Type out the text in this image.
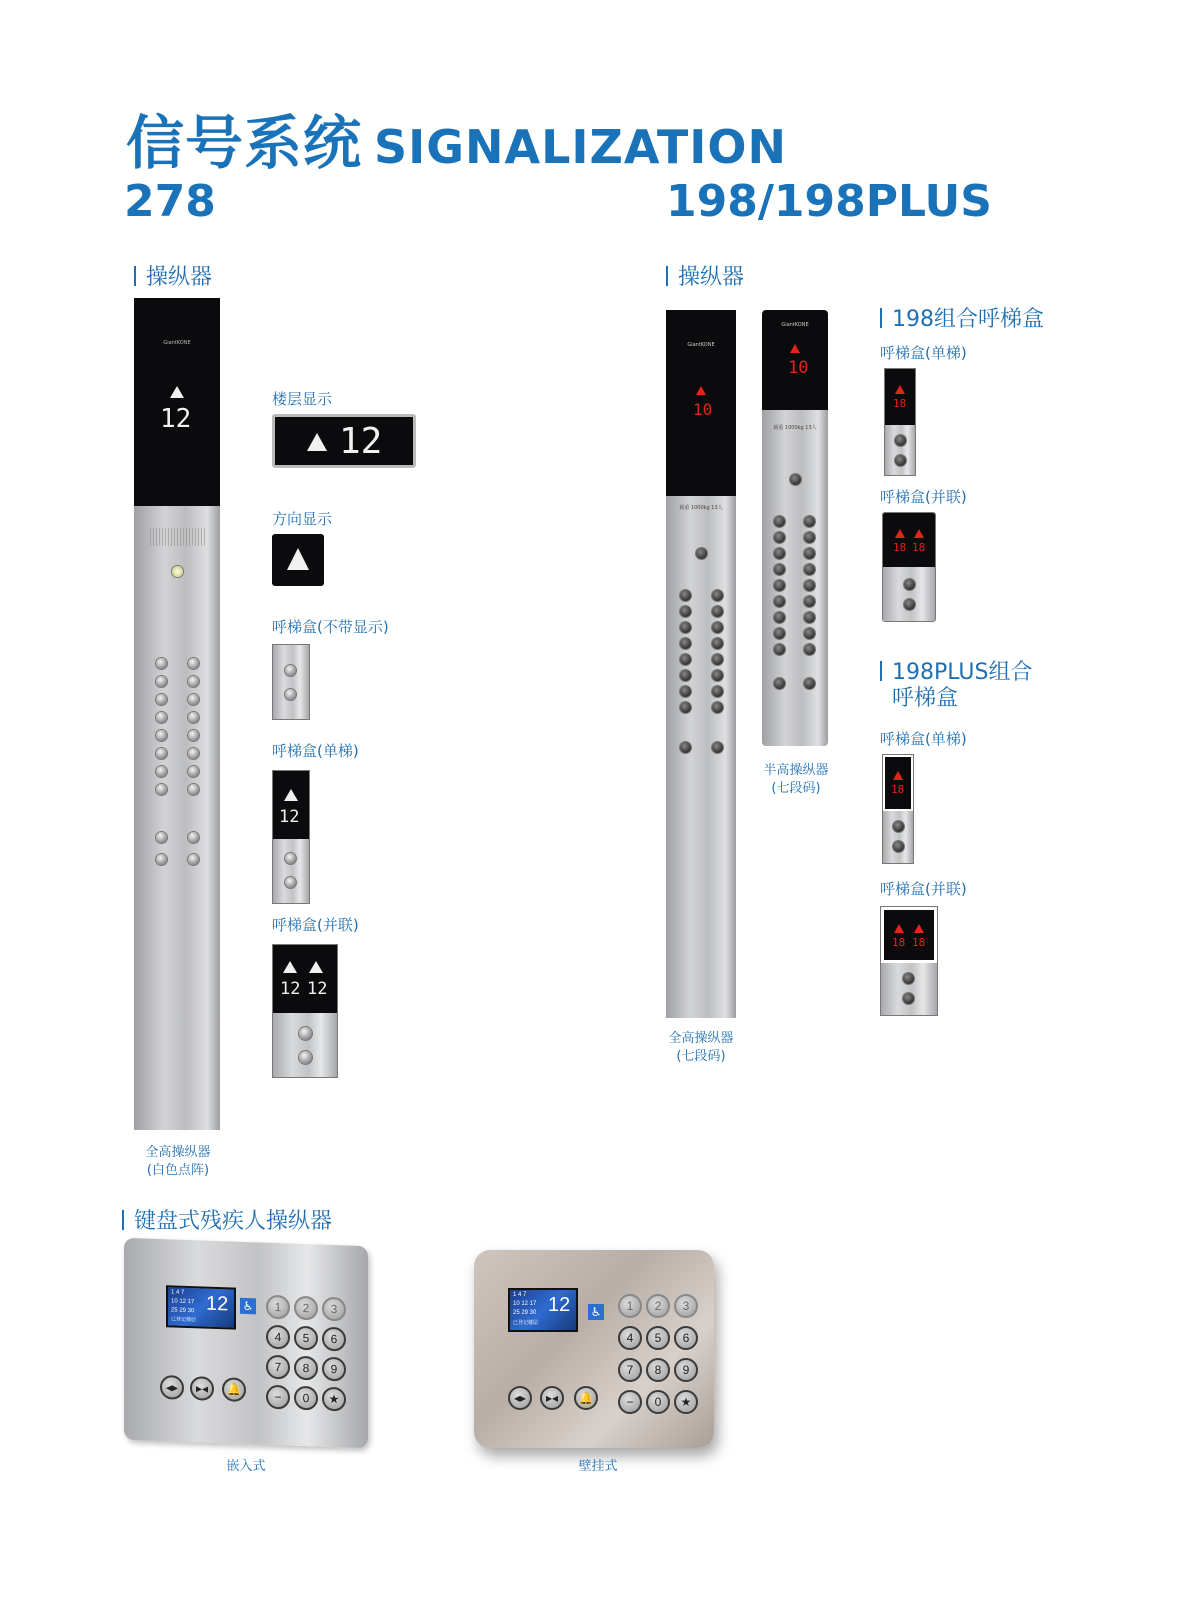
信号系统 SIGNALIZATION
278	198/198PLUS
操纵器	操纵器
GiantKONE
12
全高操纵器
(白色点阵)
楼层显示
12
方向显示
呼梯盒(不带显示)
呼梯盒(单梯)
12
呼梯盒(并联)
12 12
GiantKONE
10
载重 1000kg 13人
全高操纵器
(七段码)
GiantKONE
10
载重 1000kg 13人
半高操纵器
(七段码)
198组合呼梯盒
呼梯盒(单梯)
18
呼梯盒(并联)
18 18
198PLUS组合
呼梯盒
呼梯盒(单梯)
18
呼梯盒(并联)
18 18
键盘式残疾人操纵器
1 4 7
10 12 17
25 29 30
已登记楼层
12 ♿	1	2	3
4	5	6
7	8	9
−	0	★
◂▸	▸◂	🔔
嵌入式
1 4 7
10 12 17
25 29 30
已登记楼层
12 ♿	1	2	3
4	5	6
7	8	9
−	0	★
◂▸	▸◂	🔔
壁挂式
